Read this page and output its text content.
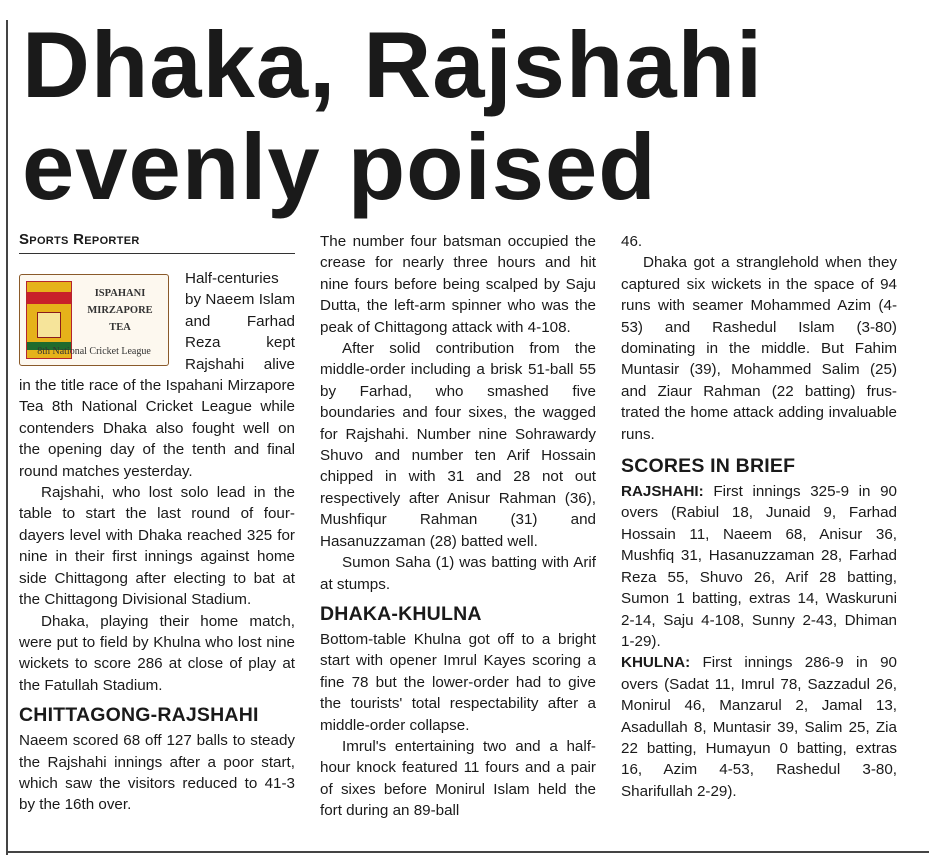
Dhaka, Rajshahi
evenly poised
Sports Reporter
ISPAHANI
MIRZAPORE
TEA
8th National Cricket League

Half-centuries by Naeem Islam and Farhad Reza kept Rajshahi alive in the title race of the Ispahani Mirzapore Tea 8th National Cricket League while contenders Dhaka also fought well on the opening day of the tenth and final round matches yesterday.

Rajshahi, who lost solo lead in the table to start the last round of four-dayers level with Dhaka reached 325 for nine in their first innings against home side Chittagong after electing to bat at the Chittagong Divisional Stadium.

Dhaka, playing their home match, were put to field by Khulna who lost nine wickets to score 286 at close of play at the Fatullah Stadium.

CHITTAGONG-RAJSHAHI

Naeem scored 68 off 127 balls to steady the Rajshahi innings after a poor start, which saw the visitors reduced to 41-3 by the 16th over.

The number four batsman occupied the crease for nearly three hours and hit nine fours before being scalped by Saju Dutta, the left-arm spinner who was the peak of Chittagong attack with 4-108.

After solid contribution from the middle-order including a brisk 51-ball 55 by Farhad, who smashed five boundaries and four sixes, the wagged for Rajshahi. Number nine Sohrawardy Shuvo and number ten Arif Hossain chipped in with 31 and 28 not out respectively after Anisur Rahman (36), Mushfiqur Rahman (31) and Hasanuzzaman (28) batted well.

Sumon Saha (1) was batting with Arif at stumps.

DHAKA-KHULNA

Bottom-table Khulna got off to a bright start with opener Imrul Kayes scoring a fine 78 but the lower-order had to give the tourists' total respectability after a middle-order collapse.

Imrul's entertaining two and a half-hour knock featured 11 fours and a pair of sixes before Monirul Islam held the fort during an 89-ball

46.

Dhaka got a stranglehold when they captured six wickets in the space of 94 runs with seamer Mohammed Azim (4-53) and Rashedul Islam (3-80) dominating in the middle. But Fahim Muntasir (39), Mohammed Salim (25) and Ziaur Rahman (22 batting) frus-trated the home attack adding invaluable runs.

SCORES IN BRIEF

RAJSHAHI: First innings 325-9 in 90 overs (Rabiul 18, Junaid 9, Farhad Hossain 11, Naeem 68, Anisur 36, Mushfiq 31, Hasanuzzaman 28, Farhad Reza 55, Shuvo 26, Arif 28 batting, Sumon 1 batting, extras 14, Waskuruni 2-14, Saju 4-108, Sunny 2-43, Dhiman 1-29).

KHULNA: First innings 286-9 in 90 overs (Sadat 11, Imrul 78, Sazzadul 26, Monirul 46, Manzarul 2, Jamal 13, Asadullah 8, Muntasir 39, Salim 25, Zia 22 batting, Humayun 0 batting, extras 16, Azim 4-53, Rashedul 3-80, Sharifullah 2-29).
